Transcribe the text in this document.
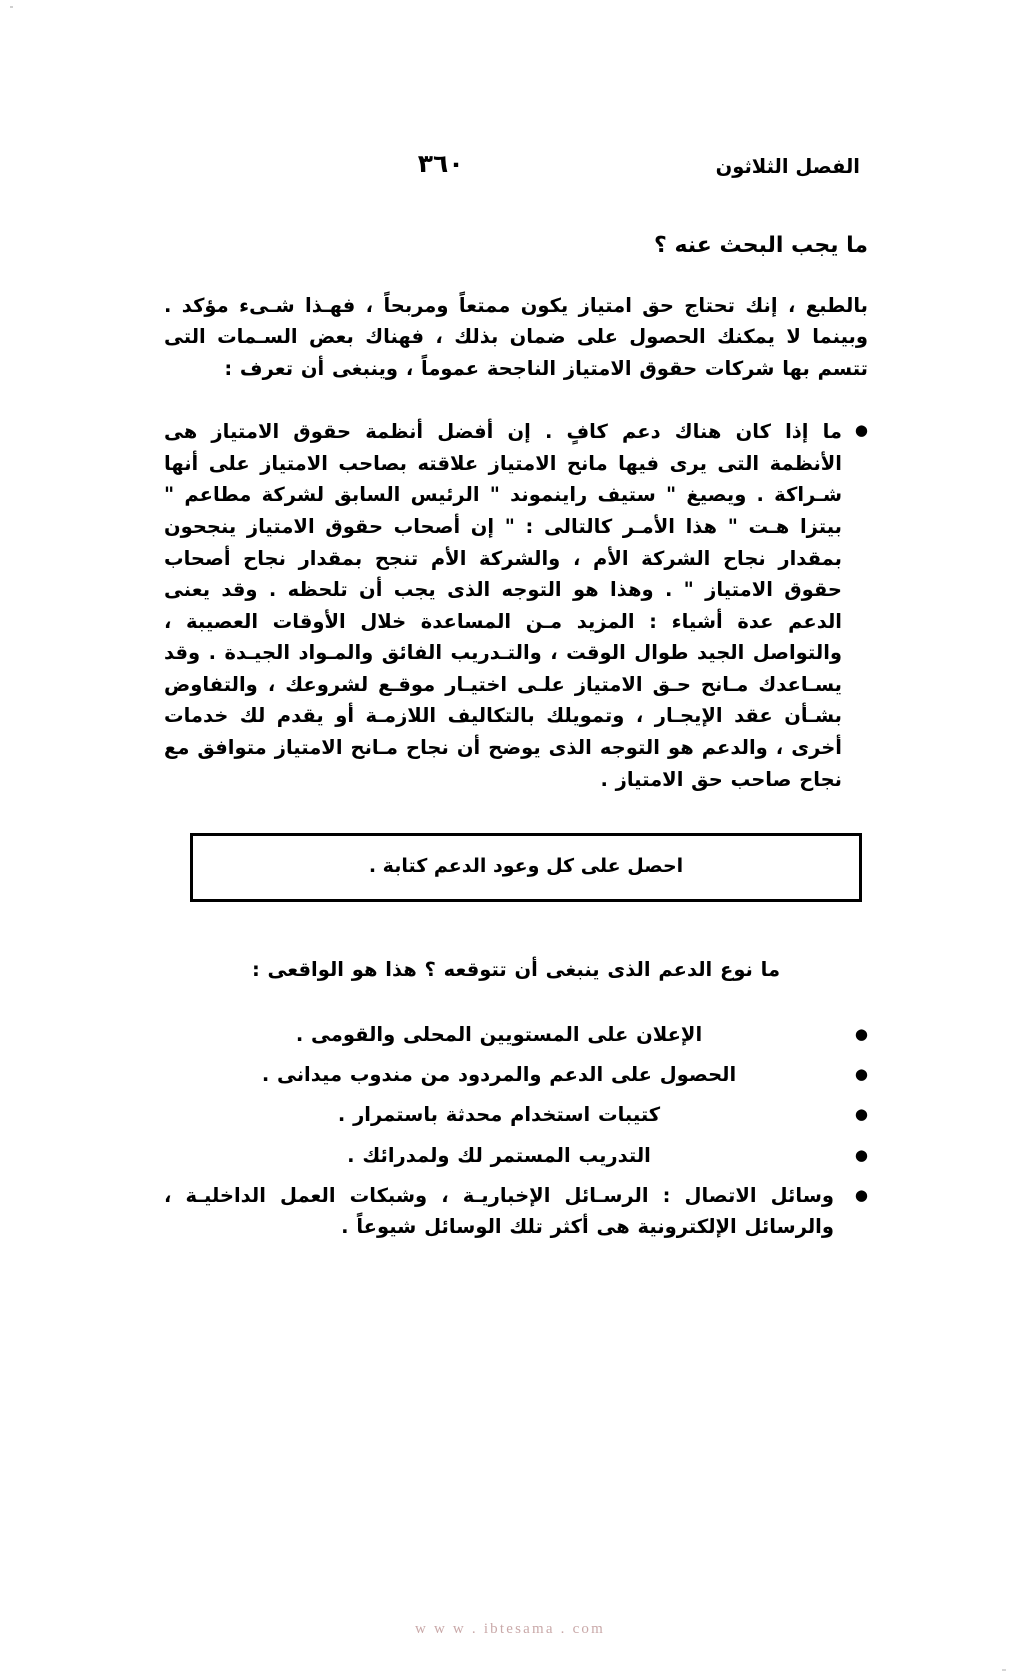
الفصل الثلاثون
٣٦٠
ما يجب البحث عنه ؟

بالطبع ، إنك تحتاج حق امتياز يكون ممتعاً ومربحاً ، فهـذا شـىء مؤكد . وبينما لا يمكنك الحصول على ضمان بذلك ، فهناك بعض السـمات التى تتسم بها شركات حقوق الامتياز الناجحة عموماً ، وينبغى أن تعرف :

●
ما إذا كان هناك دعم كافٍ . إن أفضل أنظمة حقوق الامتياز هى الأنظمة التى يرى فيها مانح الامتياز علاقته بصاحب الامتياز على أنها شـراكة . ويصيغ " ستيف راينموند " الرئيس السابق لشركة مطاعم " بيتزا هـت " هذا الأمـر كالتالى : " إن أصحاب حقوق الامتياز ينجحون بمقدار نجاح الشركة الأم ، والشركة الأم تنجح بمقدار نجاح أصحاب حقوق الامتياز " . وهذا هو التوجه الذى يجب أن تلحظه . وقد يعنى الدعم عدة أشياء : المزيد مـن المساعدة خلال الأوقات العصيبة ، والتواصل الجيد طوال الوقت ، والتـدريب الفائق والمـواد الجيـدة . وقد يسـاعدك مـانح حـق الامتياز علـى اختيـار موقـع لشروعك ، والتفاوض بشـأن عقد الإيجـار ، وتمويلك بالتكاليف اللازمـة أو يقدم لك خدمات أخرى ، والدعم هو التوجه الذى يوضح أن نجاح مـانح الامتياز متوافق مع نجاح صاحب حق الامتياز .
احصل على كل وعود الدعم كتابة .

ما نوع الدعم الذى ينبغى أن تتوقعه ؟ هذا هو الواقعى :

●
الإعلان على المستويين المحلى والقومى .
●
الحصول على الدعم والمردود من مندوب ميدانى .
●
كتيبات استخدام محدثة باستمرار .
●
التدريب المستمر لك ولمدرائك .
●
وسائل الاتصال : الرسـائل الإخباريـة ، وشبكات العمل الداخليـة ، والرسائل الإلكترونية هى أكثر تلك الوسائل شيوعاً .
w w w . ibtesama . com
